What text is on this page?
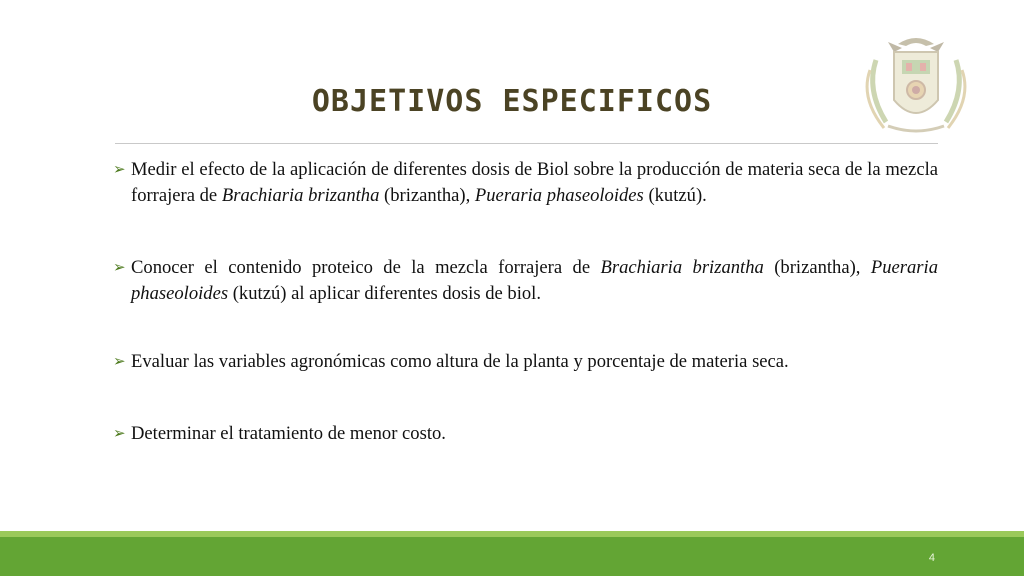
OBJETIVOS ESPECIFICOS
➢ Medir el efecto de la aplicación de diferentes dosis de Biol sobre la producción de materia seca de la mezcla forrajera de Brachiaria brizantha (brizantha), Pueraria phaseoloides (kutzú).
➢ Conocer el contenido proteico de la mezcla forrajera de Brachiaria brizantha (brizantha), Pueraria phaseoloides (kutzú) al aplicar diferentes dosis de biol.
➢ Evaluar las variables agronómicas como altura de la planta y porcentaje de materia seca.
➢ Determinar el tratamiento de menor costo.
4
